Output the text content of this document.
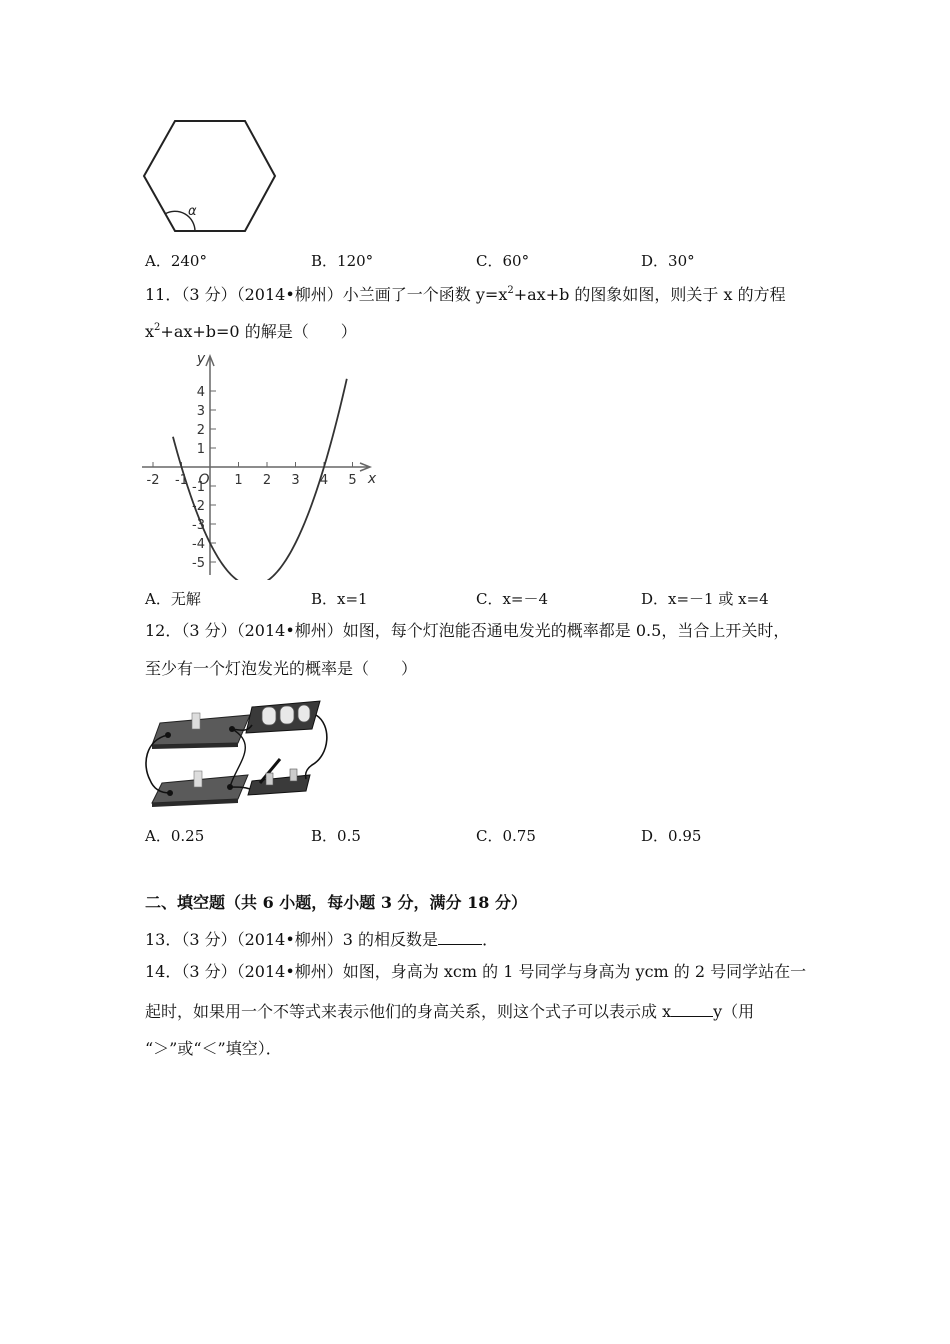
α
A．240°	B．120°	C．60°	D．30°
11．（3 分）（2014•柳州）小兰画了一个函数 $y=x^2+ax+b$ 的图象如图，则关于 x 的方程
$x^2+ax+b=0$ 的解是（　　）
-2 -1	1 2 3 4 5
4
3
2
1
-1
-2
-3
-4
-5
x
y
O
A．无解	B．x=1	C．x=－4	D．x=－1 或 x=4
12．（3 分）（2014•柳州）如图，每个灯泡能否通电发光的概率都是 0.5，当合上开关时，
至少有一个灯泡发光的概率是（　　）
A．0.25	B．0.5	C．0.75	D．0.95
二、填空题（共 6 小题，每小题 3 分，满分 18 分）
13．（3 分）（2014•柳州）3 的相反数是	．
14．（3 分）（2014•柳州）如图，身高为 xcm 的 1 号同学与身高为 ycm 的 2 号同学站在一
起时，如果用一个不等式来表示他们的身高关系，则这个式子可以表示成 x	y（用
“＞”或“＜”填空）．
